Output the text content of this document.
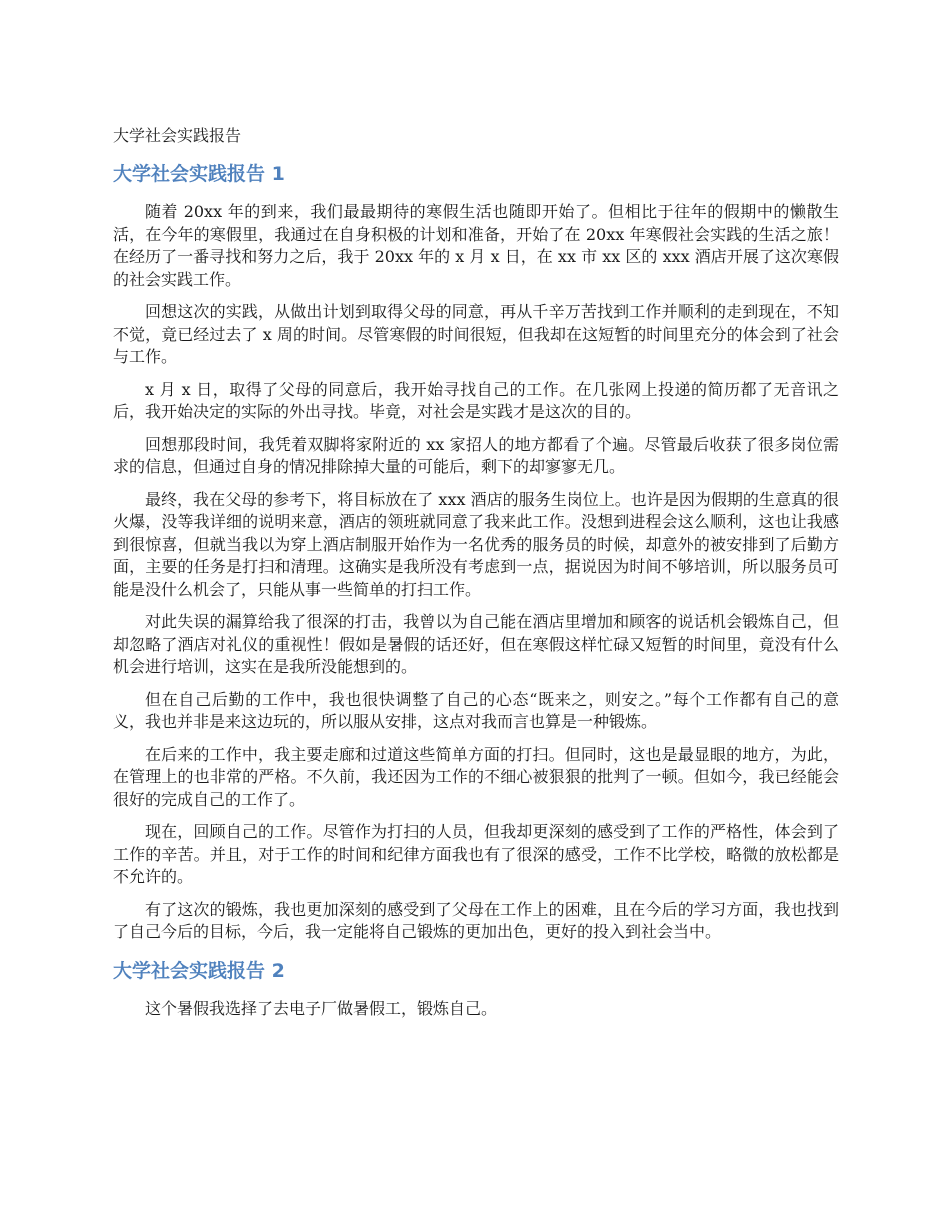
大学社会实践报告
大学社会实践报告 1

随着 20xx 年的到来，我们最最期待的寒假生活也随即开始了。但相比于往年的假期中的懒散生活，在今年的寒假里，我通过在自身积极的计划和准备，开始了在 20xx 年寒假社会实践的生活之旅！在经历了一番寻找和努力之后，我于 20xx 年的 x 月 x 日，在 xx 市 xx 区的 xxx 酒店开展了这次寒假的社会实践工作。

回想这次的实践，从做出计划到取得父母的同意，再从千辛万苦找到工作并顺利的走到现在，不知不觉，竟已经过去了 x 周的时间。尽管寒假的时间很短，但我却在这短暂的时间里充分的体会到了社会与工作。

x 月 x 日，取得了父母的同意后，我开始寻找自己的工作。在几张网上投递的简历都了无音讯之后，我开始决定的实际的外出寻找。毕竟，对社会是实践才是这次的目的。

回想那段时间，我凭着双脚将家附近的 xx 家招人的地方都看了个遍。尽管最后收获了很多岗位需求的信息，但通过自身的情况排除掉大量的可能后，剩下的却寥寥无几。

最终，我在父母的参考下，将目标放在了 xxx 酒店的服务生岗位上。也许是因为假期的生意真的很火爆，没等我详细的说明来意，酒店的领班就同意了我来此工作。没想到进程会这么顺利，这也让我感到很惊喜，但就当我以为穿上酒店制服开始作为一名优秀的服务员的时候，却意外的被安排到了后勤方面，主要的任务是打扫和清理。这确实是我所没有考虑到一点，据说因为时间不够培训，所以服务员可能是没什么机会了，只能从事一些简单的打扫工作。

对此失误的漏算给我了很深的打击，我曾以为自己能在酒店里增加和顾客的说话机会锻炼自己，但却忽略了酒店对礼仪的重视性！假如是暑假的话还好，但在寒假这样忙碌又短暂的时间里，竟没有什么机会进行培训，这实在是我所没能想到的。

但在自己后勤的工作中，我也很快调整了自己的心态“既来之，则安之。”每个工作都有自己的意义，我也并非是来这边玩的，所以服从安排，这点对我而言也算是一种锻炼。

在后来的工作中，我主要走廊和过道这些简单方面的打扫。但同时，这也是最显眼的地方，为此，在管理上的也非常的严格。不久前，我还因为工作的不细心被狠狠的批判了一顿。但如今，我已经能会很好的完成自己的工作了。

现在，回顾自己的工作。尽管作为打扫的人员，但我却更深刻的感受到了工作的严格性，体会到了工作的辛苦。并且，对于工作的时间和纪律方面我也有了很深的感受，工作不比学校，略微的放松都是不允许的。

有了这次的锻炼，我也更加深刻的感受到了父母在工作上的困难，且在今后的学习方面，我也找到了自己今后的目标，今后，我一定能将自己锻炼的更加出色，更好的投入到社会当中。

大学社会实践报告 2

这个暑假我选择了去电子厂做暑假工，锻炼自己。
